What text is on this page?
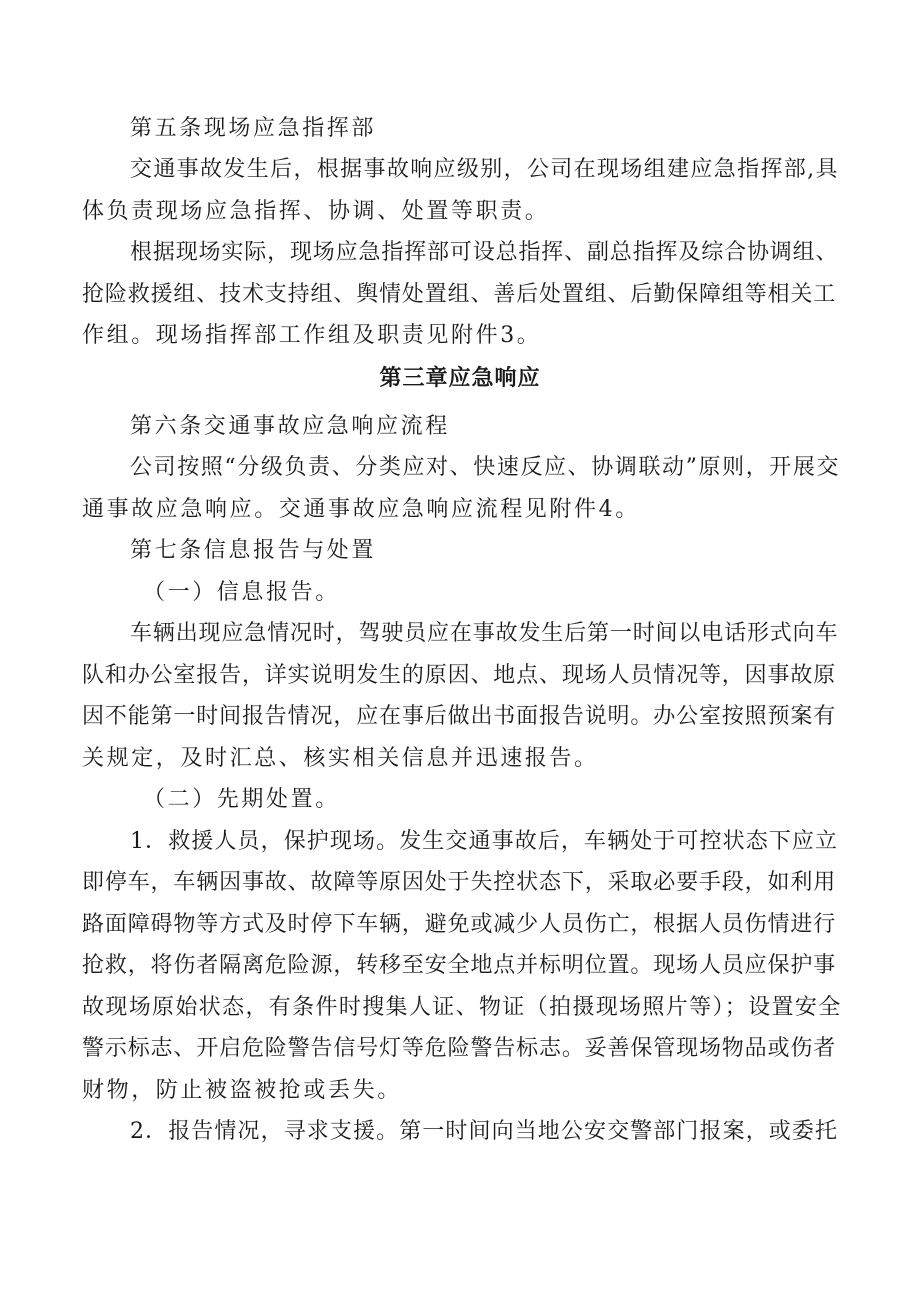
第五条现场应急指挥部
交通事故发生后，根据事故响应级别，公司在现场组建应急指挥部,具
体负责现场应急指挥、协调、处置等职责。
根据现场实际，现场应急指挥部可设总指挥、副总指挥及综合协调组、
抢险救援组、技术支持组、舆情处置组、善后处置组、后勤保障组等相关工
作组。现场指挥部工作组及职责见附件3。
第三章应急响应
第六条交通事故应急响应流程
公司按照“分级负责、分类应对、快速反应、协调联动”原则，开展交
通事故应急响应。交通事故应急响应流程见附件4。
第七条信息报告与处置
（一）信息报告。
车辆出现应急情况时，驾驶员应在事故发生后第一时间以电话形式向车
队和办公室报告，详实说明发生的原因、地点、现场人员情况等，因事故原
因不能第一时间报告情况，应在事后做出书面报告说明。办公室按照预案有
关规定，及时汇总、核实相关信息并迅速报告。
（二）先期处置。
1．救援人员，保护现场。发生交通事故后，车辆处于可控状态下应立
即停车，车辆因事故、故障等原因处于失控状态下，采取必要手段，如利用
路面障碍物等方式及时停下车辆，避免或减少人员伤亡，根据人员伤情进行
抢救，将伤者隔离危险源，转移至安全地点并标明位置。现场人员应保护事
故现场原始状态，有条件时搜集人证、物证（拍摄现场照片等）；设置安全
警示标志、开启危险警告信号灯等危险警告标志。妥善保管现场物品或伤者
财物，防止被盗被抢或丢失。
2．报告情况，寻求支援。第一时间向当地公安交警部门报案，或委托
